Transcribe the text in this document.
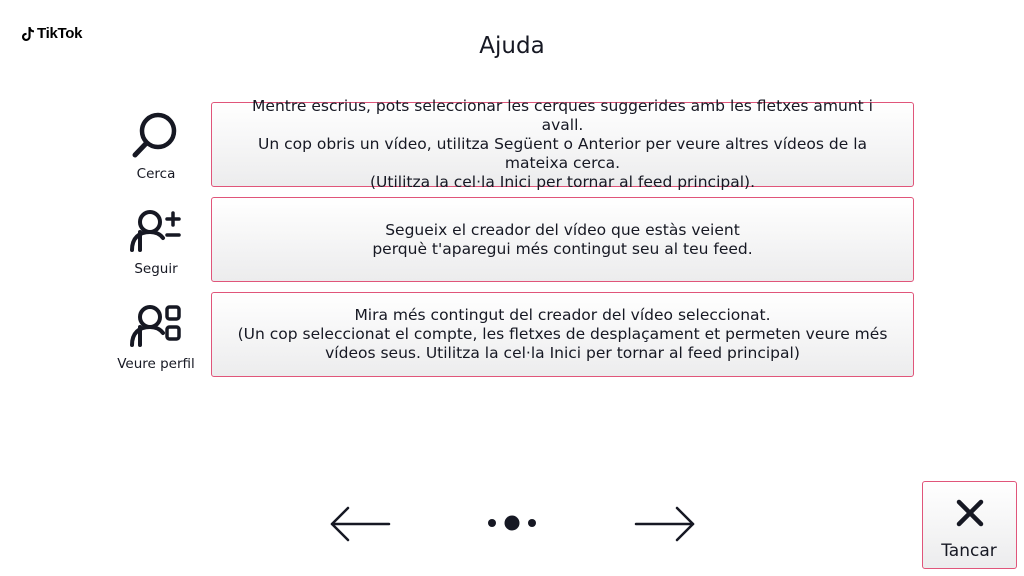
TikTok	Ajuda
Cerca
Mentre escrius, pots seleccionar les cerques suggerides amb les fletxes amunt i avall.
Un cop obris un vídeo, utilitza Següent o Anterior per veure altres vídeos de la mateixa cerca.
(Utilitza la cel·la Inici per tornar al feed principal).
Seguir
Segueix el creador del vídeo que estàs veient
perquè t'aparegui més contingut seu al teu feed.
Veure perfil
Mira més contingut del creador del vídeo seleccionat.
(Un cop seleccionat el compte, les fletxes de desplaçament et permeten veure més vídeos seus. Utilitza la cel·la Inici per tornar al feed principal)
Tancar
